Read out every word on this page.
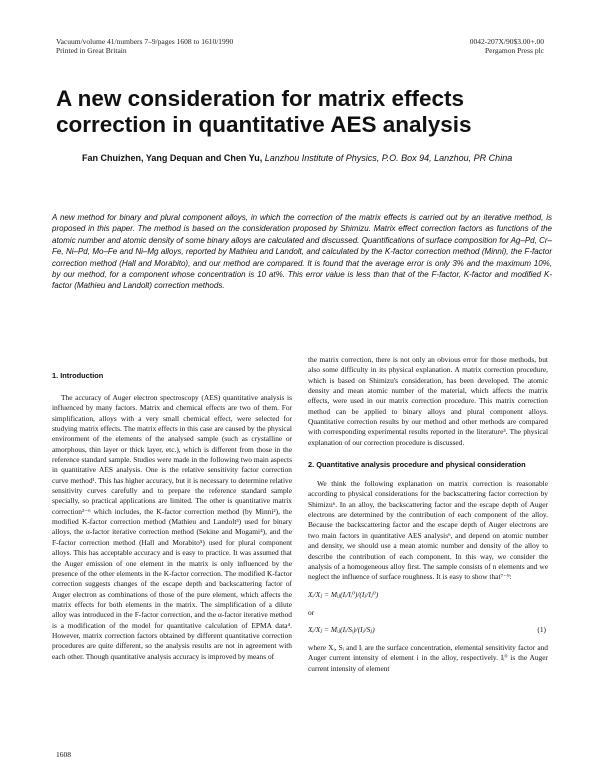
Vacuum/volume 41/numbers 7–9/pages 1608 to 1610/1990
Printed in Great Britain
0042-207X/90$3.00+.00
Pergamon Press plc
A new consideration for matrix effects correction in quantitative AES analysis
Fan Chuizhen, Yang Dequan and Chen Yu, Lanzhou Institute of Physics, P.O. Box 94, Lanzhou, PR China

A new method for binary and plural component alloys, in which the correction of the matrix effects is carried out by an iterative method, is proposed in this paper. The method is based on the consideration proposed by Shimizu. Matrix effect correction factors as functions of the atomic number and atomic density of some binary alloys are calculated and discussed. Quantifications of surface composition for Ag–Pd, Cr–Fe, Ni–Pd, Mo–Fe and Ni–Mg alloys, reported by Mathieu and Landolt, and calculated by the K-factor correction method (Minni), the F-factor correction method (Hall and Morabito), and our method are compared. It is found that the average error is only 3% and the maximum 10%, by our method, for a component whose concentration is 10 at%. This error value is less than that of the F-factor, K-factor and modified K-factor (Mathieu and Landolt) correction methods.

1. Introduction

The accuracy of Auger electron spectroscopy (AES) quantitative analysis is influenced by many factors. Matrix and chemical effects are two of them. For simplification, alloys with a very small chemical effect, were selected for studying matrix effects. The matrix effects in this case are caused by the physical environment of the elements of the analysed sample (such as crystalline or amorphous, thin layer or thick layer, etc.), which is different from those in the reference standard sample. Studies were made in the following two main aspects in quantitative AES analysis. One is the relative sensitivity factor correction curve method¹. This has higher accuracy, but it is necessary to determine relative sensitivity curves carefully and to prepare the reference standard sample specially, so practical applications are limited. The other is quantitative matrix correction²⁻⁶ which includes, the K-factor correction method (by Minni²), the modified K-factor correction method (Mathieu and Landolt³) used for binary alloys, the α-factor iterative correction method (Sekine and Mogami⁴), and the F-factor correction method (Hall and Morabito⁵) used for plural component alloys. This has acceptable accuracy and is easy to practice. It was assumed that the Auger emission of one element in the matrix is only influenced by the presence of the other elements in the K-factor correction. The modified K-factor correction suggests changes of the escape depth and backscattering factor of Auger electron as combinations of those of the pure element, which affects the matrix effects for both elements in the matrix. The simplification of a dilute alloy was introduced in the F-factor correction, and the α-factor iterative method is a modification of the model for quantitative calculation of EPMA data⁴. However, matrix correction factors obtained by different quantitative correction procedures are quite different, so the analysis results are not in agreement with each other. Though quantitative analysis accuracy is improved by means of

the matrix correction, there is not only an obvious error for those methods, but also some difficulty in its physical explanation. A matrix correction procedure, which is based on Shimizu's consideration, has been developed. The atomic density and mean atomic number of the material, which affects the matrix effects, were used in our matrix correction procedure. This matrix correction method can be applied to binary alloys and plural component alloys. Quantitative correction results by our method and other methods are compared with corresponding experimental results reported in the literature³. The physical explanation of our correction procedure is discussed.

2. Quantitative analysis procedure and physical consideration

We think the following explanation on matrix correction is reasonable according to physical considerations for the backscattering factor correction by Shimizu⁶. In an alloy, the backscattering factor and the escape depth of Auger electrons are determined by the contribution of each component of the alloy. Because the backscattering factor and the escape depth of Auger electrons are two main factors in quantitative AES analysis⁶, and depend on atomic number and density, we should use a mean atomic number and density of the alloy to describe the contribution of each component. In this way, we consider the analysis of a homogeneous alloy first. The sample consists of n elements and we neglect the influence of surface roughness. It is easy to show that⁷⁻⁹:

Xᵢ/Xⱼ = Mᵢⱼ(Iᵢ/Iᵢ⁰)/(Iⱼ/Iⱼ⁰)
or
Xᵢ/Xⱼ = Mᵢⱼ(Iᵢ/Sᵢ)/(Iⱼ/Sⱼ)	(1)

where Xᵢ, Sᵢ and Iᵢ are the surface concentration, elemental sensitivity factor and Auger current intensity of element i in the alloy, respectively. Iᵢ⁰ is the Auger current intensity of element

1608
